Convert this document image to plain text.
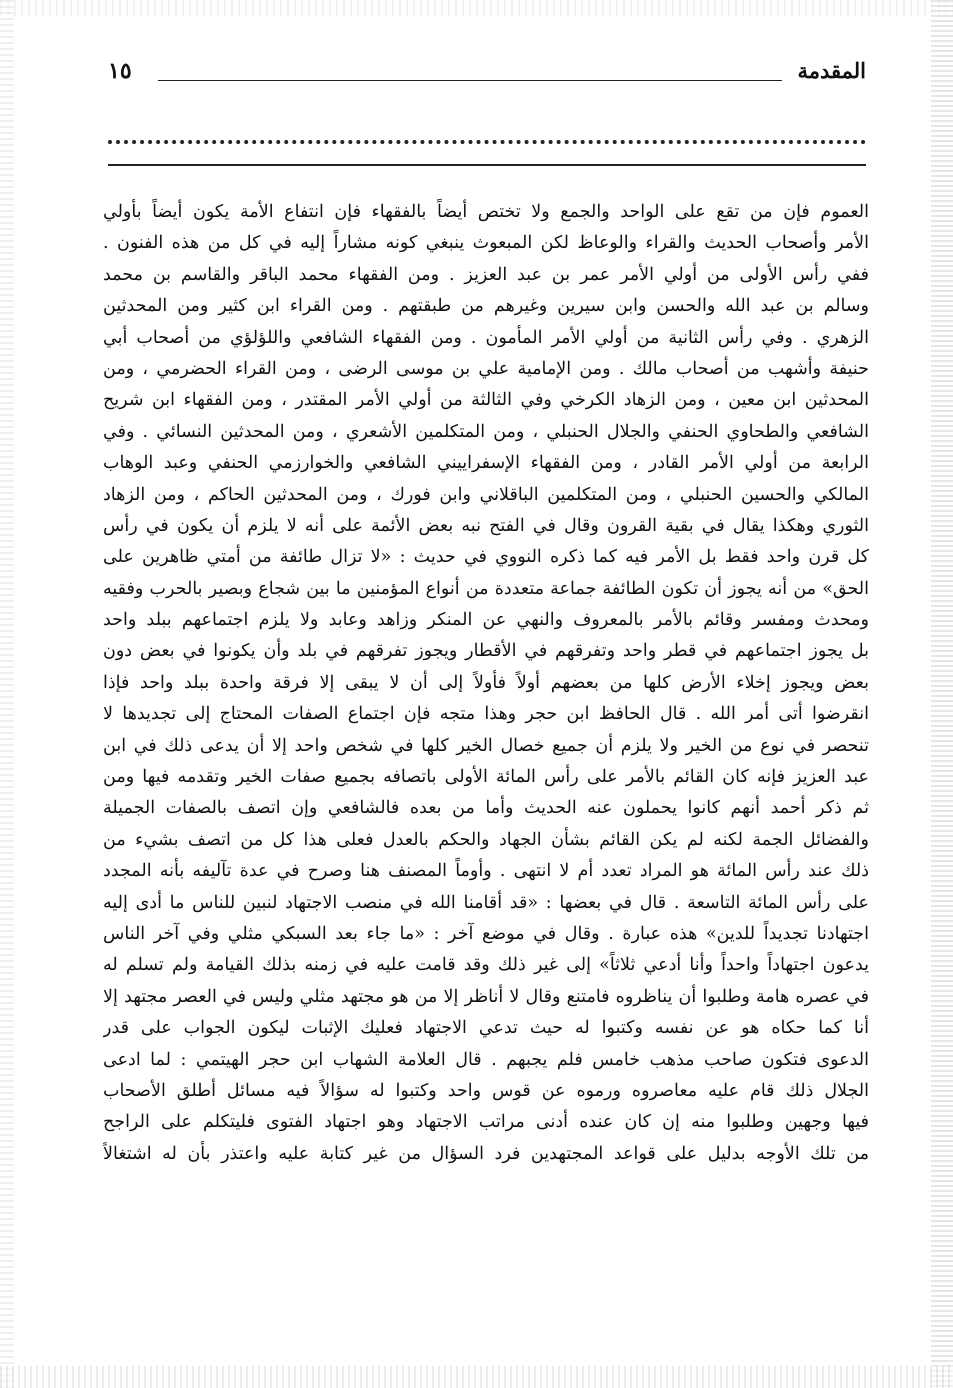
المقدمة
١٥
العموم فإن من تقع على الواحد والجمع ولا تختص أيضاً بالفقهاء فإن انتفاع الأمة يكون أيضاً بأولي
الأمر وأصحاب الحديث والقراء والوعاظ لكن المبعوث ينبغي كونه مشاراً إليه في كل من هذه الفنون .
ففي رأس الأولى من أولي الأمر عمر بن عبد العزيز . ومن الفقهاء محمد الباقر والقاسم بن محمد
وسالم بن عبد الله والحسن وابن سيرين وغيرهم من طبقتهم . ومن القراء ابن كثير ومن المحدثين
الزهري . وفي رأس الثانية من أولي الأمر المأمون . ومن الفقهاء الشافعي واللؤلؤي من أصحاب أبي
حنيفة وأشهب من أصحاب مالك . ومن الإمامية علي بن موسى الرضى ، ومن القراء الحضرمي ، ومن
المحدثين ابن معين ، ومن الزهاد الكرخي وفي الثالثة من أولي الأمر المقتدر ، ومن الفقهاء ابن شريح
الشافعي والطحاوي الحنفي والجلال الحنبلي ، ومن المتكلمين الأشعري ، ومن المحدثين النسائي . وفي
الرابعة من أولي الأمر القادر ، ومن الفقهاء الإسفراييني الشافعي والخوارزمي الحنفي وعبد الوهاب
المالكي والحسين الحنبلي ، ومن المتكلمين الباقلاني وابن فورك ، ومن المحدثين الحاكم ، ومن الزهاد
الثوري وهكذا يقال في بقية القرون وقال في الفتح نبه بعض الأئمة على أنه لا يلزم أن يكون في رأس
كل قرن واحد فقط بل الأمر فيه كما ذكره النووي في حديث : «لا تزال طائفة من أمتي ظاهرين على
الحق» من أنه يجوز أن تكون الطائفة جماعة متعددة من أنواع المؤمنين ما بين شجاع وبصير بالحرب وفقيه
ومحدث ومفسر وقائم بالأمر بالمعروف والنهي عن المنكر وزاهد وعابد ولا يلزم اجتماعهم ببلد واحد
بل يجوز اجتماعهم في قطر واحد وتفرقهم في الأقطار ويجوز تفرقهم في بلد وأن يكونوا في بعض دون
بعض ويجوز إخلاء الأرض كلها من بعضهم أولاً فأولاً إلى أن لا يبقى إلا فرقة واحدة ببلد واحد فإذا
انقرضوا أتى أمر الله . قال الحافظ ابن حجر وهذا متجه فإن اجتماع الصفات المحتاج إلى تجديدها لا
تنحصر في نوع من الخير ولا يلزم أن جميع خصال الخير كلها في شخص واحد إلا أن يدعى ذلك في ابن
عبد العزيز فإنه كان القائم بالأمر على رأس المائة الأولى باتصافه بجميع صفات الخير وتقدمه فيها ومن
ثم ذكر أحمد أنهم كانوا يحملون عنه الحديث وأما من بعده فالشافعي وإن اتصف بالصفات الجميلة
والفضائل الجمة لكنه لم يكن القائم بشأن الجهاد والحكم بالعدل فعلى هذا كل من اتصف بشيء من
ذلك عند رأس المائة هو المراد تعدد أم لا انتهى . وأوماً المصنف هنا وصرح في عدة تآليفه بأنه المجدد
على رأس المائة التاسعة . قال في بعضها : «قد أقامنا الله في منصب الاجتهاد لنبين للناس ما أدى إليه
اجتهادنا تجديداً للدين» هذه عبارة . وقال في موضع آخر : «ما جاء بعد السبكي مثلي وفي آخر الناس
يدعون اجتهاداً واحداً وأنا أدعي ثلاثاً» إلى غير ذلك وقد قامت عليه في زمنه بذلك القيامة ولم تسلم له
في عصره هامة وطلبوا أن يناظروه فامتنع وقال لا أناظر إلا من هو مجتهد مثلي وليس في العصر مجتهد إلا
أنا كما حكاه هو عن نفسه وكتبوا له حيث تدعي الاجتهاد فعليك الإثبات ليكون الجواب على قدر
الدعوى فتكون صاحب مذهب خامس فلم يجبهم . قال العلامة الشهاب ابن حجر الهيتمي : لما ادعى
الجلال ذلك قام عليه معاصروه ورموه عن قوس واحد وكتبوا له سؤالاً فيه مسائل أطلق الأصحاب
فيها وجهين وطلبوا منه إن كان عنده أدنى مراتب الاجتهاد وهو اجتهاد الفتوى فليتكلم على الراجح
من تلك الأوجه بدليل على قواعد المجتهدين فرد السؤال من غير كتابة عليه واعتذر بأن له اشتغالاً
